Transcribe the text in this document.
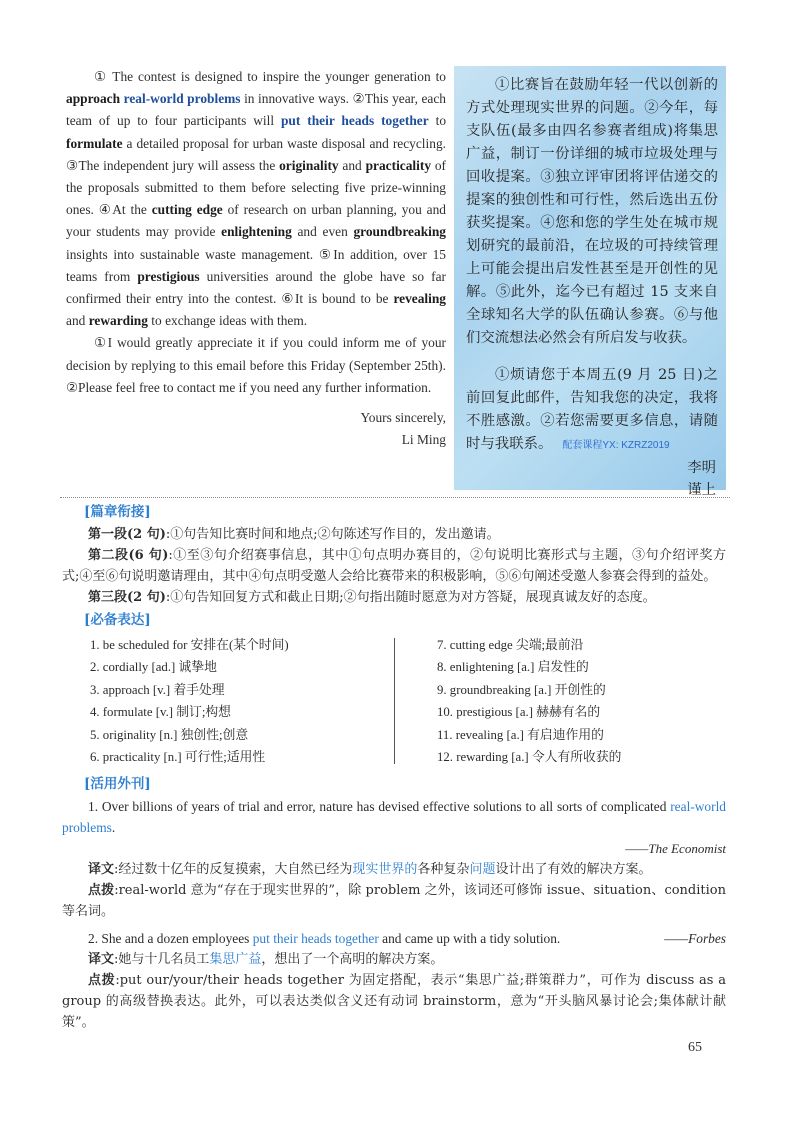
① The contest is designed to inspire the younger generation to approach real-world problems in innovative ways. ②This year, each team of up to four participants will put their heads together to formulate a detailed proposal for urban waste disposal and recycling. ③The independent jury will assess the originality and practicality of the proposals submitted to them before selecting five prize-winning ones. ④At the cutting edge of research on urban planning, you and your students may provide enlightening and even groundbreaking insights into sustainable waste management. ⑤In addition, over 15 teams from prestigious universities around the globe have so far confirmed their entry into the contest. ⑥It is bound to be revealing and rewarding to exchange ideas with them.

①I would greatly appreciate it if you could inform me of your decision by replying to this email before this Friday (September 25th). ②Please feel free to contact me if you need any further information.

Yours sincerely,

Li Ming

①比赛旨在鼓励年轻一代以创新的方式处理现实世界的问题。②今年，每支队伍(最多由四名参赛者组成)将集思广益，制订一份详细的城市垃圾处理与回收提案。③独立评审团将评估递交的提案的独创性和可行性，然后选出五份获奖提案。④您和您的学生处在城市规划研究的最前沿，在垃圾的可持续管理上可能会提出启发性甚至是开创性的见解。⑤此外，迄今已有超过 15 支来自全球知名大学的队伍确认参赛。⑥与他们交流想法必然会有所启发与收获。

①烦请您于本周五(9 月 25 日)之前回复此邮件，告知我您的决定，我将不胜感激。②若您需要更多信息，请随时与我联系。 配套课程YX: KZRZ2019

李明

谨上

[篇章衔接]

第一段(2 句):①句告知比赛时间和地点;②句陈述写作目的，发出邀请。

第二段(6 句):①至③句介绍赛事信息，其中①句点明办赛目的，②句说明比赛形式与主题，③句介绍评奖方式;④至⑥句说明邀请理由，其中④句点明受邀人会给比赛带来的积极影响，⑤⑥句阐述受邀人参赛会得到的益处。

第三段(2 句):①句告知回复方式和截止日期;②句指出随时愿意为对方答疑，展现真诚友好的态度。

[必备表达]
1. be scheduled for 安排在(某个时间)
2. cordially [ad.] 诚挚地
3. approach [v.] 着手处理
4. formulate [v.] 制订;构想
5. originality [n.] 独创性;创意
6. practicality [n.] 可行性;适用性
7. cutting edge 尖端;最前沿
8. enlightening [a.] 启发性的
9. groundbreaking [a.] 开创性的
10. prestigious [a.] 赫赫有名的
11. revealing [a.] 有启迪作用的
12. rewarding [a.] 令人有所收获的
[活用外刊]

1. Over billions of years of trial and error, nature has devised effective solutions to all sorts of complicated real-world problems.

——The Economist

译文:经过数十亿年的反复摸索，大自然已经为现实世界的各种复杂问题设计出了有效的解决方案。

点拨:real-world 意为“存在于现实世界的”，除 problem 之外，该词还可修饰 issue、situation、condition 等名词。

2. She and a dozen employees put their heads together and came up with a tidy solution.	——Forbes

译文:她与十几名员工集思广益，想出了一个高明的解决方案。

点拨:put our/your/their heads together 为固定搭配，表示“集思广益;群策群力”，可作为 discuss as a group 的高级替换表达。此外，可以表达类似含义还有动词 brainstorm，意为“开头脑风暴讨论会;集体献计献策”。

65
